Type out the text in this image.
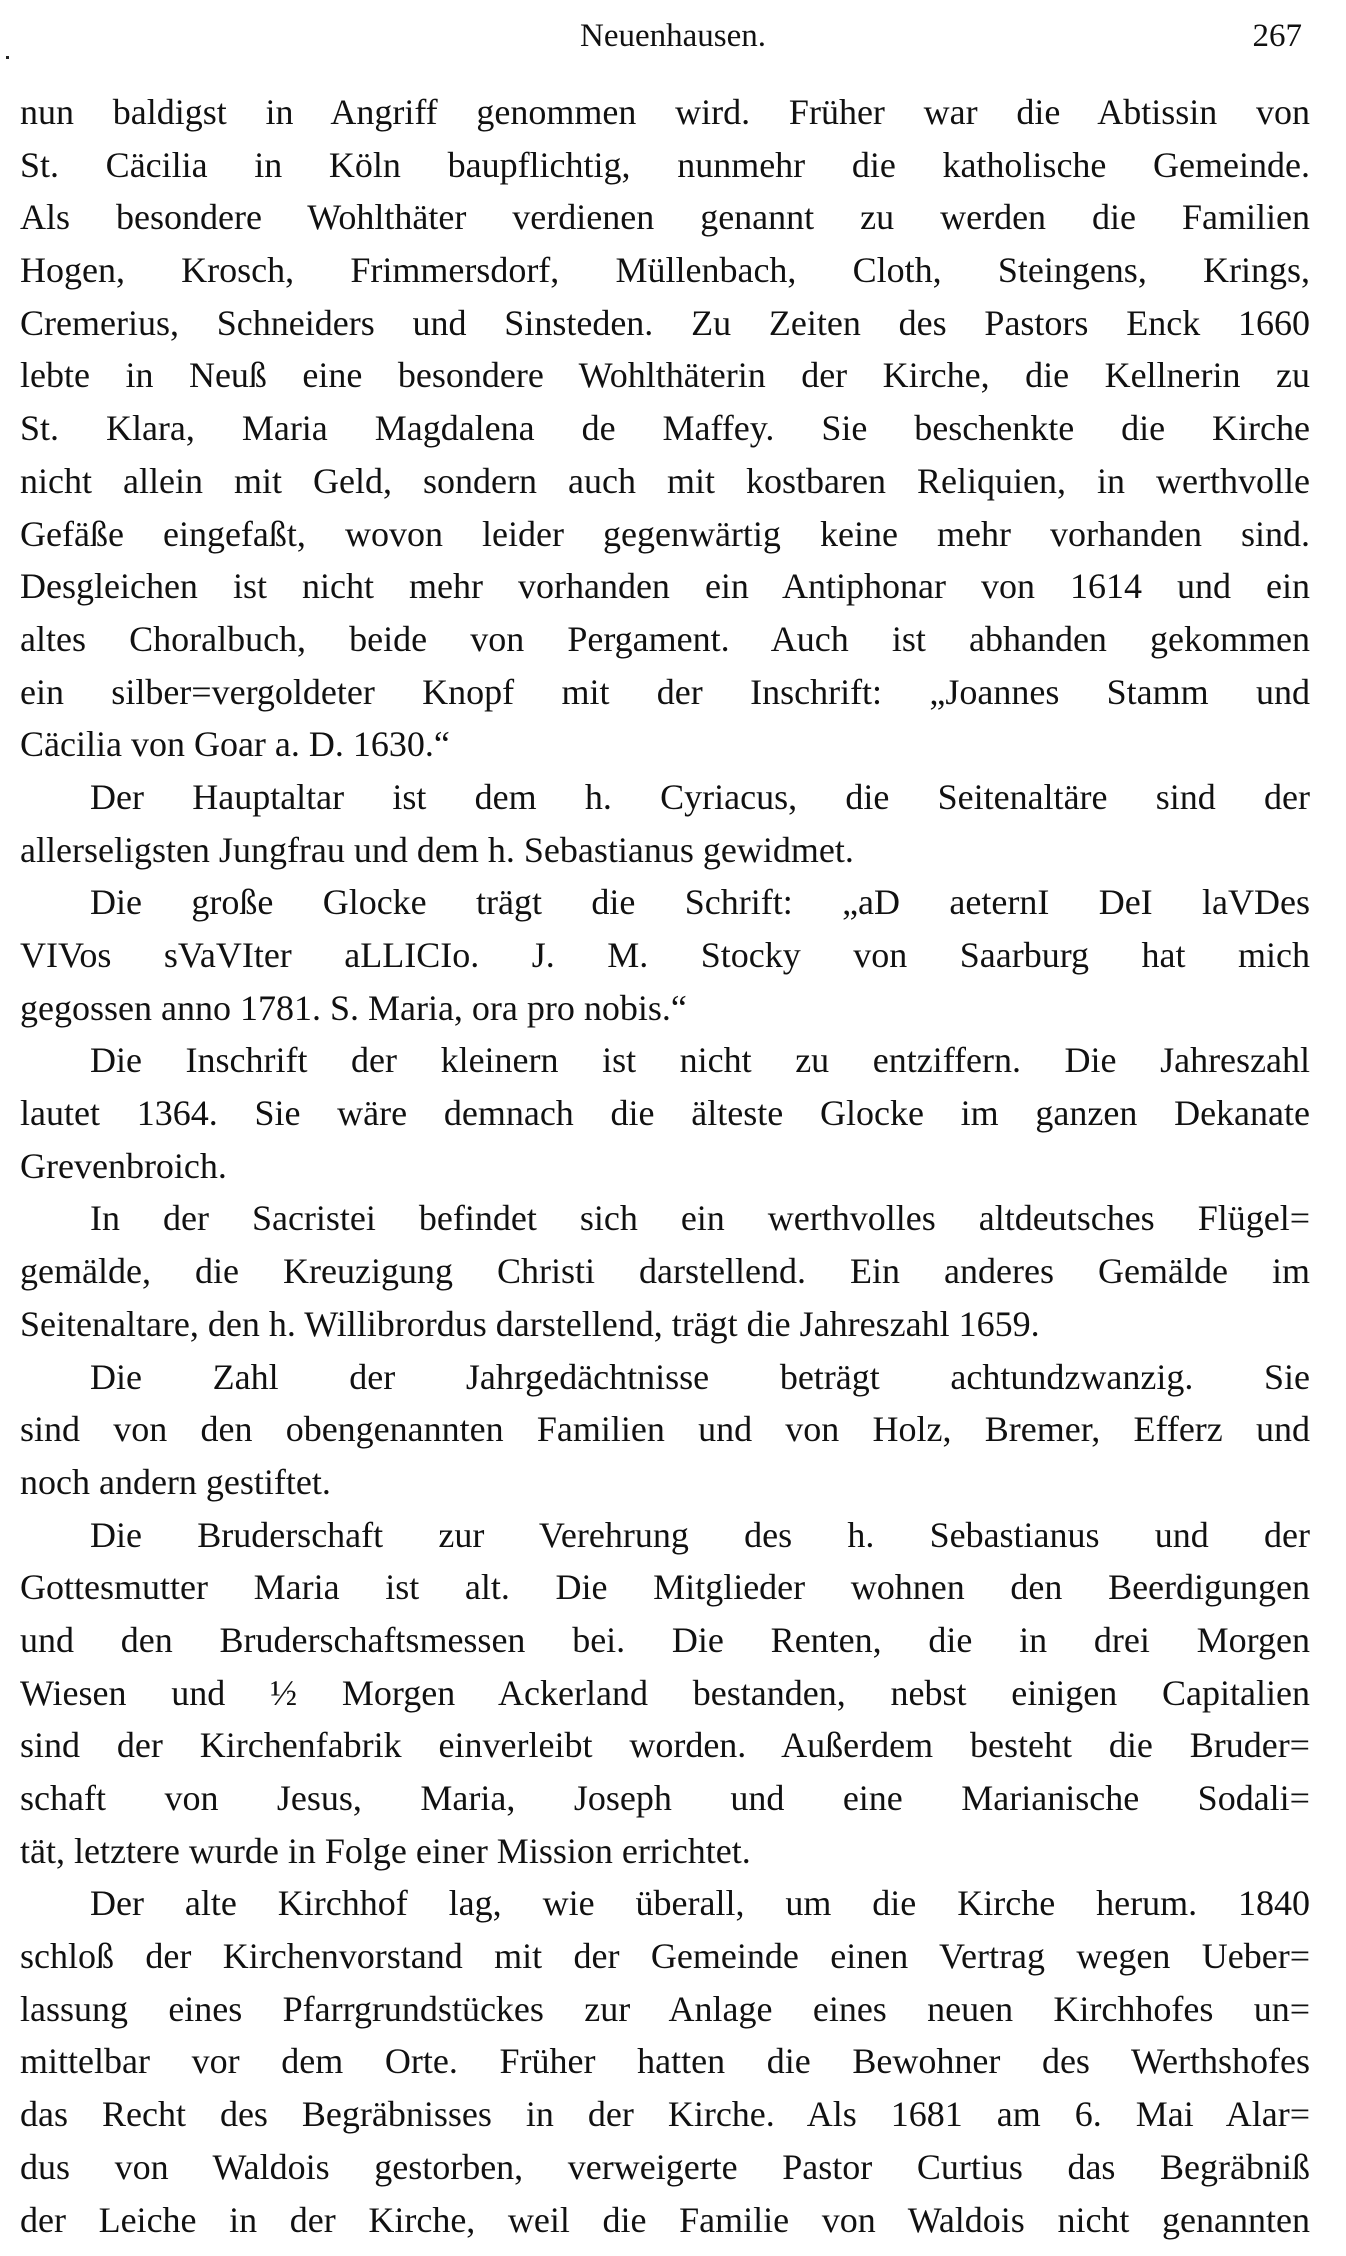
Neuenhausen.	267
nun baldigst in Angriff genommen wird. Früher war die Abtissin von
St. Cäcilia in Köln baupflichtig, nunmehr die katholische Gemeinde.
Als besondere Wohlthäter verdienen genannt zu werden die Familien
Hogen, Krosch, Frimmersdorf, Müllenbach, Cloth, Steingens, Krings,
Cremerius, Schneiders und Sinsteden. Zu Zeiten des Pastors Enck 1660
lebte in Neuß eine besondere Wohlthäterin der Kirche, die Kellnerin zu
St. Klara, Maria Magdalena de Maffey. Sie beschenkte die Kirche
nicht allein mit Geld, sondern auch mit kostbaren Reliquien, in werthvolle
Gefäße eingefaßt, wovon leider gegenwärtig keine mehr vorhanden sind.
Desgleichen ist nicht mehr vorhanden ein Antiphonar von 1614 und ein
altes Choralbuch, beide von Pergament. Auch ist abhanden gekommen
ein silber=vergoldeter Knopf mit der Inschrift: „Joannes Stamm und
Cäcilia von Goar a. D. 1630.“
Der Hauptaltar ist dem h. Cyriacus, die Seitenaltäre sind der
allerseligsten Jungfrau und dem h. Sebastianus gewidmet.
Die große Glocke trägt die Schrift: „aD aeternI DeI laVDes
VIVos sVaVIter aLLICIo. J. M. Stocky von Saarburg hat mich
gegossen anno 1781. S. Maria, ora pro nobis.“
Die Inschrift der kleinern ist nicht zu entziffern. Die Jahreszahl
lautet 1364. Sie wäre demnach die älteste Glocke im ganzen Dekanate
Grevenbroich.
In der Sacristei befindet sich ein werthvolles altdeutsches Flügel=
gemälde, die Kreuzigung Christi darstellend. Ein anderes Gemälde im
Seitenaltare, den h. Willibrordus darstellend, trägt die Jahreszahl 1659.
Die Zahl der Jahrgedächtnisse beträgt achtundzwanzig. Sie
sind von den obengenannten Familien und von Holz, Bremer, Efferz und
noch andern gestiftet.
Die Bruderschaft zur Verehrung des h. Sebastianus und der
Gottesmutter Maria ist alt. Die Mitglieder wohnen den Beerdigungen
und den Bruderschaftsmessen bei. Die Renten, die in drei Morgen
Wiesen und ½ Morgen Ackerland bestanden, nebst einigen Capitalien
sind der Kirchenfabrik einverleibt worden. Außerdem besteht die Bruder=
schaft von Jesus, Maria, Joseph und eine Marianische Sodali=
tät, letztere wurde in Folge einer Mission errichtet.
Der alte Kirchhof lag, wie überall, um die Kirche herum. 1840
schloß der Kirchenvorstand mit der Gemeinde einen Vertrag wegen Ueber=
lassung eines Pfarrgrundstückes zur Anlage eines neuen Kirchhofes un=
mittelbar vor dem Orte. Früher hatten die Bewohner des Werthshofes
das Recht des Begräbnisses in der Kirche. Als 1681 am 6. Mai Alar=
dus von Waldois gestorben, verweigerte Pastor Curtius das Begräbniß
der Leiche in der Kirche, weil die Familie von Waldois nicht genannten
